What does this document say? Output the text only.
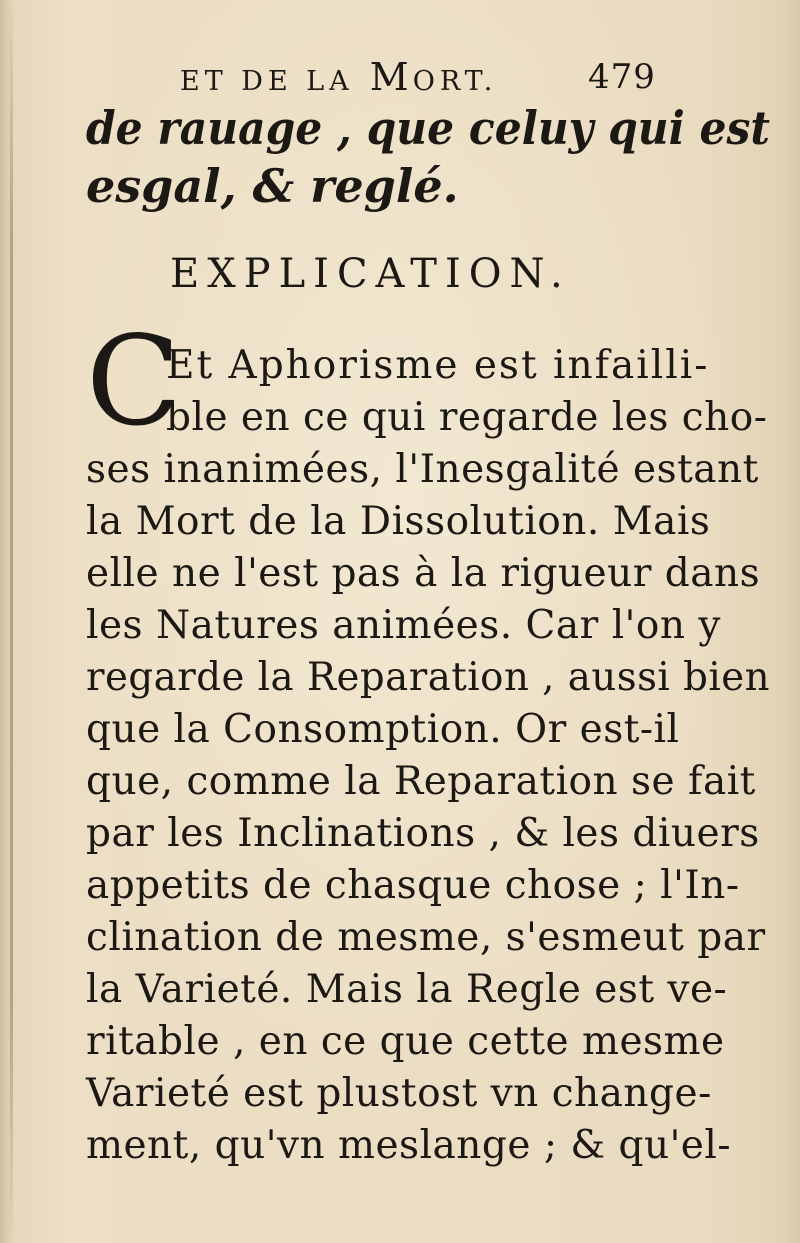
ET DE LA MORT.	479
de rauage , que celuy qui est
esgal, & reglé.
EXPLICATION.
C
Et Aphorisme est infailli-
ble en ce qui regarde les cho-
ses inanimées, l'Inesgalité estant
la Mort de la Dissolution. Mais
elle ne l'est pas à la rigueur dans
les Natures animées. Car l'on y
regarde la Reparation , aussi bien
que la Consomption. Or est-il
que, comme la Reparation se fait
par les Inclinations , & les diuers
appetits de chasque chose ; l'In-
clination de mesme, s'esmeut par
la Varieté. Mais la Regle est ve-
ritable , en ce que cette mesme
Varieté est plustost vn change-
ment, qu'vn meslange ; & qu'el-
